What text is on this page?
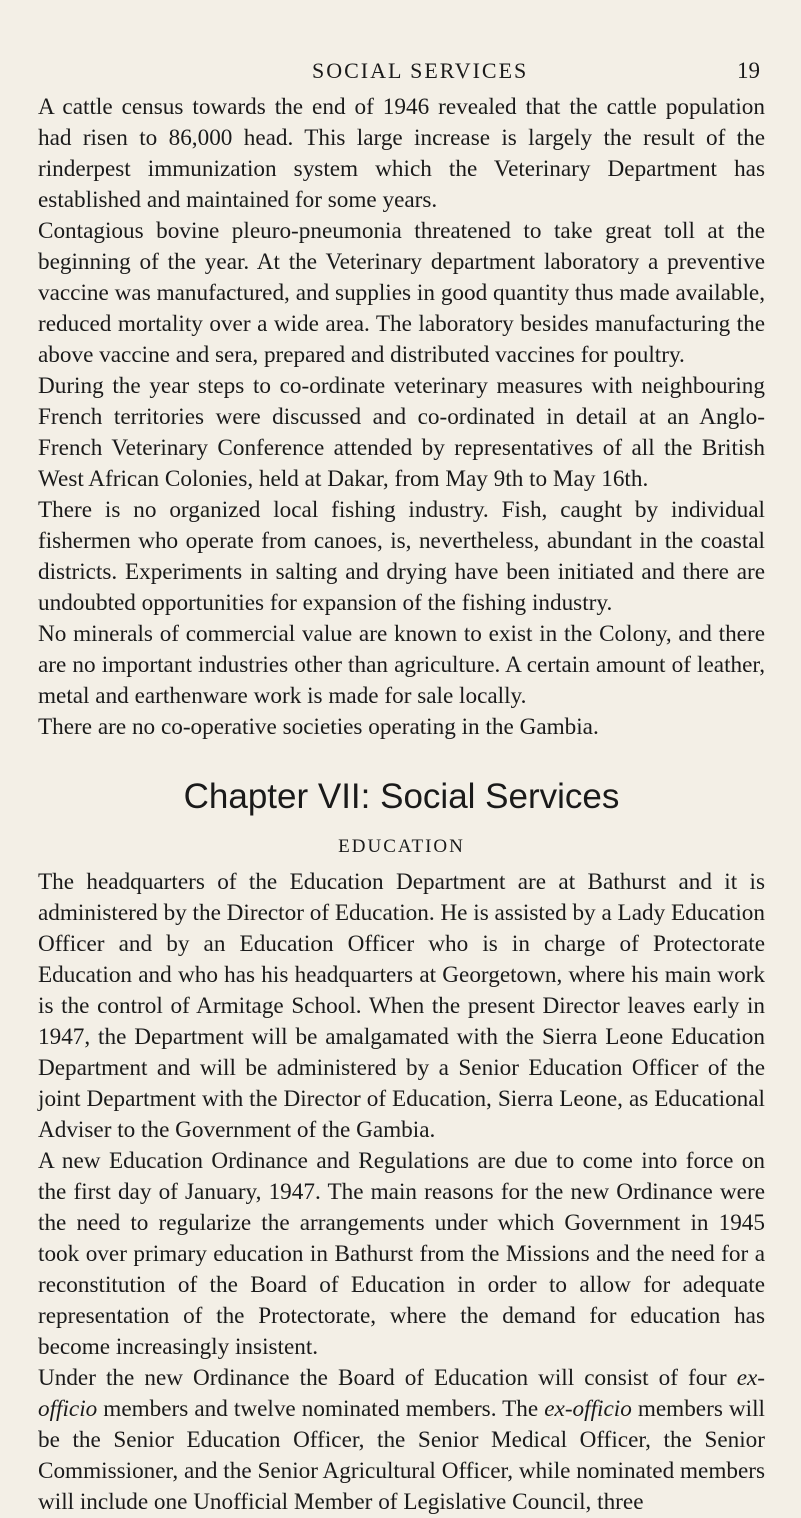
SOCIAL SERVICES	19

A cattle census towards the end of 1946 revealed that the cattle population had risen to 86,000 head. This large increase is largely the result of the rinderpest immunization system which the Veterinary Department has established and maintained for some years.

Contagious bovine pleuro-pneumonia threatened to take great toll at the beginning of the year. At the Veterinary department laboratory a preventive vaccine was manufactured, and supplies in good quantity thus made available, reduced mortality over a wide area. The laboratory besides manufacturing the above vaccine and sera, prepared and distributed vaccines for poultry.

During the year steps to co-ordinate veterinary measures with neighbouring French territories were discussed and co-ordinated in detail at an Anglo-French Veterinary Conference attended by representatives of all the British West African Colonies, held at Dakar, from May 9th to May 16th.

There is no organized local fishing industry. Fish, caught by individual fishermen who operate from canoes, is, nevertheless, abundant in the coastal districts. Experiments in salting and drying have been initiated and there are undoubted opportunities for expansion of the fishing industry.

No minerals of commercial value are known to exist in the Colony, and there are no important industries other than agriculture. A certain amount of leather, metal and earthenware work is made for sale locally.

There are no co-operative societies operating in the Gambia.

Chapter VII: Social Services
EDUCATION

The headquarters of the Education Department are at Bathurst and it is administered by the Director of Education. He is assisted by a Lady Education Officer and by an Education Officer who is in charge of Protectorate Education and who has his headquarters at Georgetown, where his main work is the control of Armitage School. When the present Director leaves early in 1947, the Department will be amalgamated with the Sierra Leone Education Department and will be administered by a Senior Education Officer of the joint Department with the Director of Education, Sierra Leone, as Educational Adviser to the Government of the Gambia.

A new Education Ordinance and Regulations are due to come into force on the first day of January, 1947. The main reasons for the new Ordinance were the need to regularize the arrangements under which Government in 1945 took over primary education in Bathurst from the Missions and the need for a reconstitution of the Board of Education in order to allow for adequate representation of the Protectorate, where the demand for education has become increasingly insistent.

Under the new Ordinance the Board of Education will consist of four ex-officio members and twelve nominated members. The ex-officio members will be the Senior Education Officer, the Senior Medical Officer, the Senior Commissioner, and the Senior Agricultural Officer, while nominated members will include one Unofficial Member of Legislative Council, three
